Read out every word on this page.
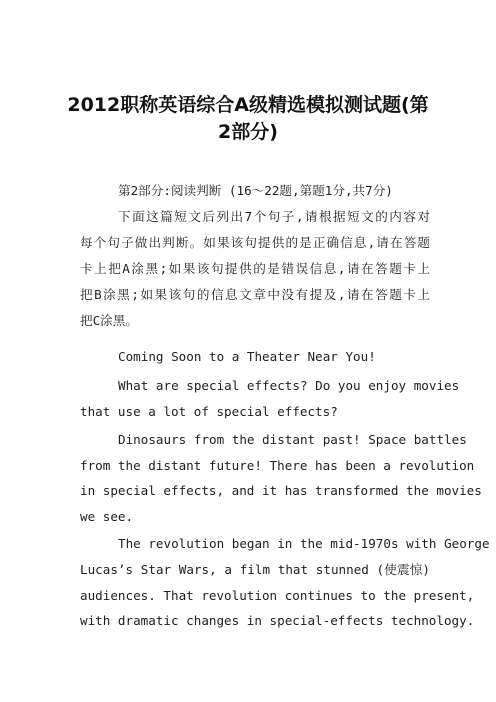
2012职称英语综合A级精选模拟测试题(第
2部分)
第2部分:阅读判断 (16～22题,第题1分,共7分)
下面这篇短文后列出7个句子,请根据短文的内容对
每个句子做出判断。如果该句提供的是正确信息,请在答题
卡上把A涂黑;如果该句提供的是错误信息,请在答题卡上
把B涂黑;如果该句的信息文章中没有提及,请在答题卡上
把C涂黑。
Coming Soon to a Theater Near You!
What are special effects? Do you enjoy movies
that use a lot of special effects?
Dinosaurs from the distant past! Space battles
from the distant future! There has been a revolution
in special effects, and it has transformed the movies
we see.
The revolution began in the mid-1970s with George
Lucas’s Star Wars, a film that stunned (使震惊)
audiences. That revolution continues to the present,
with dramatic changes in special-effects technology.
